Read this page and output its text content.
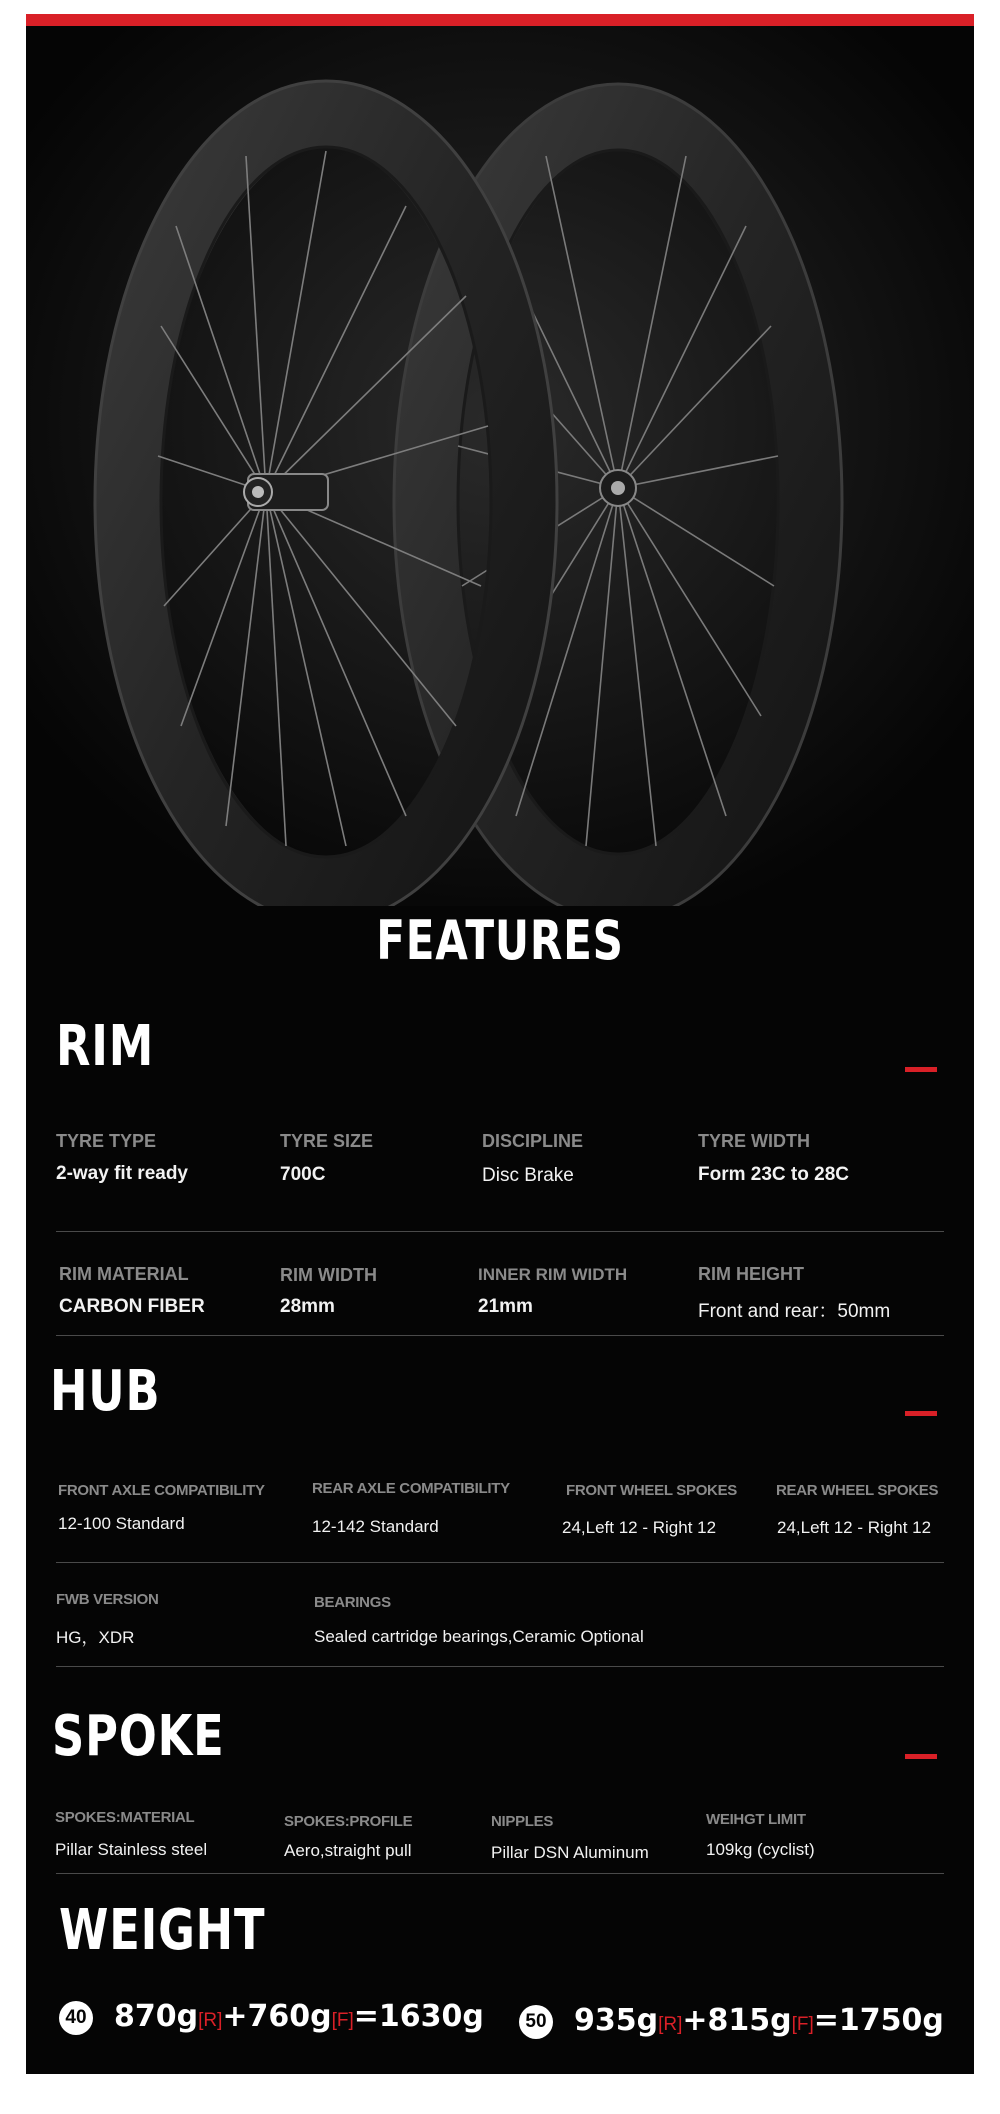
FEATURES
RIM
TYRE TYPE
2-way fit ready
TYRE SIZE
700C
DISCIPLINE
Disc Brake
TYRE WIDTH
Form 23C to 28C
RIM MATERIAL
CARBON FIBER
RIM WIDTH
28mm
INNER RIM WIDTH
21mm
RIM HEIGHT
Front and rear：50mm
HUB
FRONT AXLE COMPATIBILITY
12-100 Standard
REAR AXLE COMPATIBILITY
12-142 Standard
FRONT WHEEL SPOKES
24,Left 12 - Right 12
REAR WHEEL SPOKES
24,Left 12 - Right 12
FWB VERSION
HG，XDR
BEARINGS
Sealed cartridge bearings,Ceramic Optional
SPOKE
SPOKES:MATERIAL
Pillar Stainless steel
SPOKES:PROFILE
Aero,straight pull
NIPPLES
Pillar DSN Aluminum
WEIHGT LIMIT
109kg (cyclist)
WEIGHT
40 870g[R]+760g[F]=1630g	50 935g[R]+815g[F]=1750g
